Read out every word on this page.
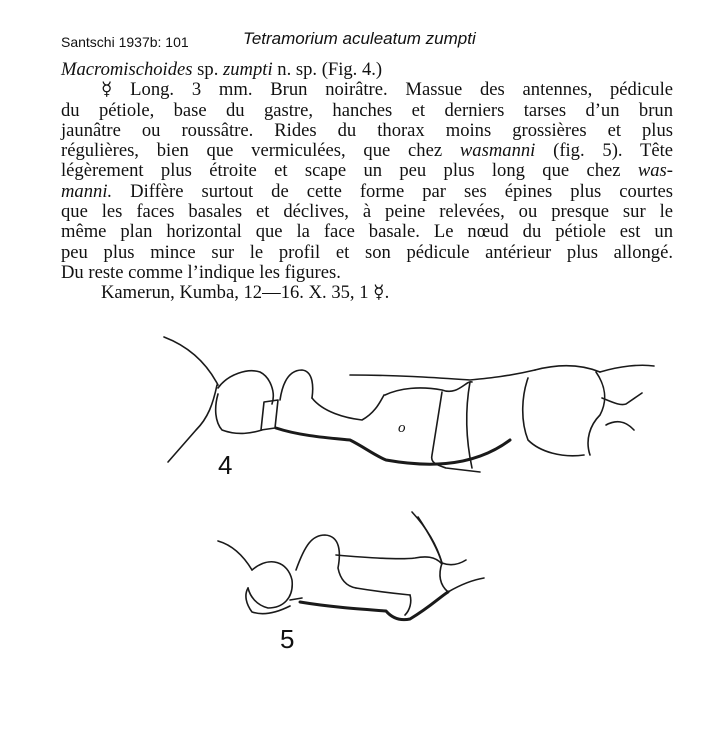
Santschi 1937b: 101	Tetramorium aculeatum zumpti
Macromischoides sp. zumpti n. sp. (Fig. 4.)
☿ Long. 3 mm. Brun noirâtre. Massue des antennes, pédicule
du pétiole, base du gastre, hanches et derniers tarses d’un brun
jaunâtre ou roussâtre. Rides du thorax moins grossières et plus
régulières, bien que vermiculées, que chez wasmanni (fig. 5). Tête
légèrement plus étroite et scape un peu plus long que chez was-
manni. Diffère surtout de cette forme par ses épines plus courtes
que les faces basales et déclives, à peine relevées, ou presque sur le
même plan horizontal que la face basale. Le nœud du pétiole est un
peu plus mince sur le profil et son pédicule antérieur plus allongé.
Du reste comme l’indique les figures.
Kamerun, Kumba, 12—16. X. 35, 1 ☿.
4
o
5
